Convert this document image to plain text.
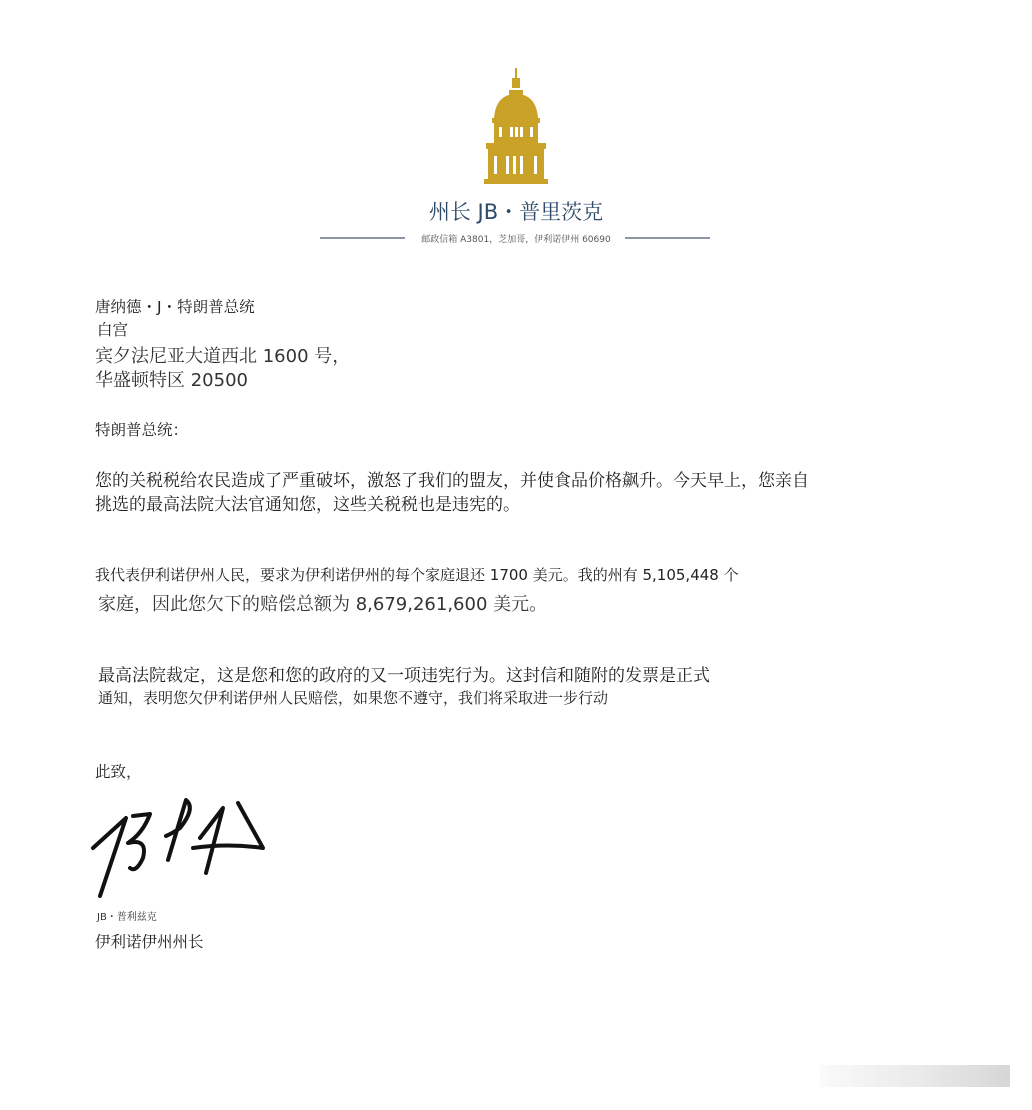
州长 JB・普里茨克
邮政信箱 A3801，芝加哥，伊利诺伊州 60690
唐纳德・J・特朗普总统
白宫
宾夕法尼亚大道西北 1600 号，
华盛顿特区 20500
特朗普总统：
您的关税税给农民造成了严重破坏，激怒了我们的盟友，并使食品价格飙升。今天早上，您亲自
挑选的最高法院大法官通知您，这些关税税也是违宪的。
我代表伊利诺伊州人民，要求为伊利诺伊州的每个家庭退还 1700 美元。我的州有 5,105,448 个
家庭，因此您欠下的赔偿总额为 8,679,261,600 美元。
最高法院裁定，这是您和您的政府的又一项违宪行为。这封信和随附的发票是正式
通知，表明您欠伊利诺伊州人民赔偿，如果您不遵守，我们将采取进一步行动
此致，
JB・普利兹克
伊利诺伊州州长
